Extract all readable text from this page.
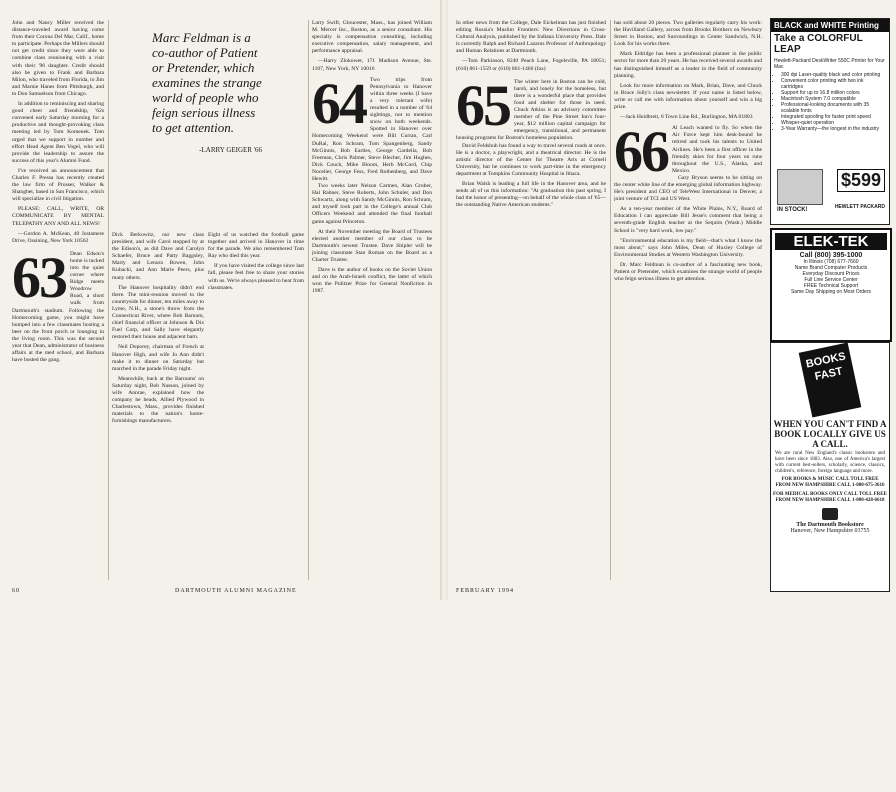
John and Nancy Miller received the distance-traveled award having come from their Corona Del Mar, Calif., home to participate. Perhaps the Millers should not get credit since they were able to combine class reunioning with a visit with their '96 daughter. Credit should also be given to Frank and Barbara Milon, who traveled from Florida, to Jim and Marnie Hanes from Pittsburgh, and to Don Samuelson from Chicago.

In addition to reminiscing and sharing good cheer and friendship, '62s convened early Saturday morning for a productive and thought-provoking class meeting led by Tom Komenek. Tom urged that we support in number and effort Head Agent Ben Vogel, who will provide the leadership to assure the success of this year's Alumni Fund.

I've received an announcement that Charles F. Pressa has recently created the law firm of Prosser, Walker & Shanghet, based in San Francisco, which will specialize in civil litigation.

PLEASE: CALL, WRITE, OR COMMUNICATE BY MENTAL TELEPATHY ANY AND ALL NEWS!

—Gordon A. McKean, 40 Justamere Drive, Ossining, New York 10562

63 Dean Edson's home is tucked into the quiet corner where Ridge meets Woodrow Road, a short walk from Dartmouth's stadium. Following the Homecoming game, you might have bumped into a few classmates hosting a beer on the front porch or lounging in the living room. This was the second year that Dean, administrator of business affairs at the med school, and Barbara have hosted the gang.

Dick Berkowitz, our new class president, and wife Carol stopped by at the Edison's, as did Dave and Carolyn Schaefer, Bruce and Patty Baggsley, Marty and Lenora Bowen, John Kubacki, and Ann Marie Peers, plus many others.

The Hanover hospitality didn't end there. The mini-reunion moved to the countryside for dinner, ten miles away to Lyme, N.H., a stone's throw from the Connecticut River, where Bob Barnum, chief financial officer at Johnson & Dix Fuel Corp, and Sally have elegantly restored their house and adjacent barn.

Neil Doporey, chairman of French at Hanover High, and wife Jo Ann didn't make it to dinner on Saturday but marched in the parade Friday night.

Meanwhile, back at the Barnums' on Saturday night, Bob Nasson, joined by wife Annrae, explained how the company he heads, Allied Plywood in Charlestown, Mass., provides finished materials to the nation's home-furnishings manufacturers.

Marc Feldman is a co-author of Patient or Pretender, which examines the strange world of people who feign serious illness to get attention.
-LARRY GEIGER '66

Eight of us watched the football game together and arrived in Hanover in time for the parade. We also remembered Tom Ray who died this year.

If you have visited the college since last fall, please feel free to share your stories with us. We're always pleased to hear from classmates.

Larry Swift, Gloucester, Mass., has joined William M. Mercer Inc., Boston, as a senior consultant. His specialty is compensation consulting, including executive compensation, salary management, and performance appraisal.

—Harry Zlokower, 171 Madison Avenue, Ste. 1107, New York, NY 10016

64 Two trips from Pennsylvania to Hanover within three weeks (I have a very tolerant wife) resulted in a number of '64 sightings, not to mention snow on both weekends. Spotted in Hanover over Homecoming Weekend were Bill Curran, Carl DuRai, Ron Schram, Tom Spangenberg, Sandy McGinnis, Bob Eartles, George Gardella, Bob Freeman, Chris Palmer, Steve Blecher, Jim Hughes, Dick Couch, Mike Bloom, Herb McCord, Chip Nocelier, George Fess, Fred Rothenberg, and Dave Hewitt.

Two weeks later Nelson Carmen, Alan Gruber, Hal Rabner, Steve Roberts, John Schuler, and Don Schwartz, along with Sandy McGinnis, Ron Schram, and myself took part in the College's annual Club Officers Weekend and attended the final football game against Princeton.

At their November meeting the Board of Trustees elected another member of our class to be Dartmouth's newest Trustee. Dave Shipler will be joining classmate Stan Roman on the Board as a Charter Trustee.

Dave is the author of books on the Soviet Union and on the Arab-Israeli conflict, the latter of which won the Pulitzer Prize for General Nonfiction in 1987.

60	DARTMOUTH ALUMNI MAGAZINE

In other news from the College, Dale Eickelman has just finished editing Russia's Muslim Frontiers: New Directions in Cross-Cultural Analysis, published by the Indiana University Press. Dale is currently Ralph and Richard Lazarus Professor of Anthropology and Human Relations at Dartmouth.

—Tom Parkinson, 8240 Peach Lane, Fogelsville, PA 18051; (610) 861-1559 or (610) 861-1466 (fax)

65 The winter here in Boston can be cold, harsh, and lonely for the homeless, but there is a wonderful place that provides food and shelter for those in need. Chuck Atkins is an advisory committee member of the Pine Street Inn's four-year, $12 million capital campaign for emergency, transitional, and permanent housing programs for Boston's homeless population.

David Feldshuh has found a way to travel several roads at once. He is a doctor, a playwright, and a theatrical director. He is the artistic director of the Center for Theatre Arts at Cornell University, but he continues to work part-time in the emergency department at Tompkins Community Hospital in Ithaca.

Brian Walsh is leading a full life in the Hanover area, and he sends all of us this information: "At graduation this past spring, I had the honor of presenting—on behalf of the whole class of '65—the outstanding Native American students."

has sold about 20 pieces. Two galleries regularly carry his work: the Havilland Gallery, across from Brooks Brothers on Newbury Street in Boston, and Surroundings in Center Sandwich, N.H. Look for his works there.

Mark Eldridge has been a professional planner in the public sector for more than 20 years. He has received several awards and has distinguished himself as a leader in the field of community planning.

Look for more information on Mark, Brian, Dave, and Chuck in Bruce Jolly's class newsletter. If your name is listed below, write or call me with information about yourself and win a big prize.

—Jack Heidbreit, 6 Town Line Rd., Burlington, MA 01803

66 Al Leach wanted to fly. So when the Air Force kept him desk-bound he retired and took his talents to United Airlines. He's been a first officer in the friendly skies for four years on runs throughout the U.S., Alaska, and Mexico.

Gary Bryson seems to be sitting on the center white line of the emerging global information highway. He's president and CEO of TeleWest International in Denver, a joint venture of TCI and US West.

As a ten-year member of the White Plains, N.Y., Board of Education I can appreciate Bill Jesse's comment that being a seventh-grade English teacher at the Sequim (Wash.) Middle School is "very hard work, low pay."

"Environmental education is my field—that's what I know the most about," says John Miles, Dean of Huxley College of Environmental Studies at Western Washington University.

Dr. Marc Feldman is co-author of a fascinating new book, Patient or Pretender, which examines the strange world of people who feign serious illness to get attention.

FEBRUARY 1994
BLACK and WHITE Printing
Take a COLORFUL LEAP
Hewlett-Packard DeskWriter 550C Printer for Your Mac
• 300 dpi Laser-quality black and color printing
• Convenient color printing with two ink cartridges
• Support for up to 16.8 million colors
• Macintosh System 7.0 compatible
• Professional-looking documents with 35 scalable fonts
• Integrated spooling for faster print speed
• Whisper-quiet operation
• 3-Year Warranty—the longest in the industry
IN STOCK!
$599
HEWLETT PACKARD
ELEK-TEK
Call (800) 395-1000
In Illinois (708) 677-7660
Name Brand Computer Products
Everyday Discount Prices
Full Line Service Center
FREE Technical Support
Same Day Shipping on Most Orders
BOOKS FAST
WHEN YOU CAN'T FIND A BOOK LOCALLY GIVE US A CALL.
We are rural New England's classic bookstore and have been since 1883. Also, one of America's largest with current best-sellers, scholarly, science, classics, children's, reference, foreign language and more.
FOR BOOKS & MUSIC CALL TOLL FREE
FROM NEW HAMPSHIRE CALL 1-800-675-3616
FOR MEDICAL BOOKS ONLY CALL TOLL FREE
FROM NEW HAMPSHIRE CALL 1-800-428-6618
The Dartmouth Bookstore
Hanover, New Hampshire 03755
